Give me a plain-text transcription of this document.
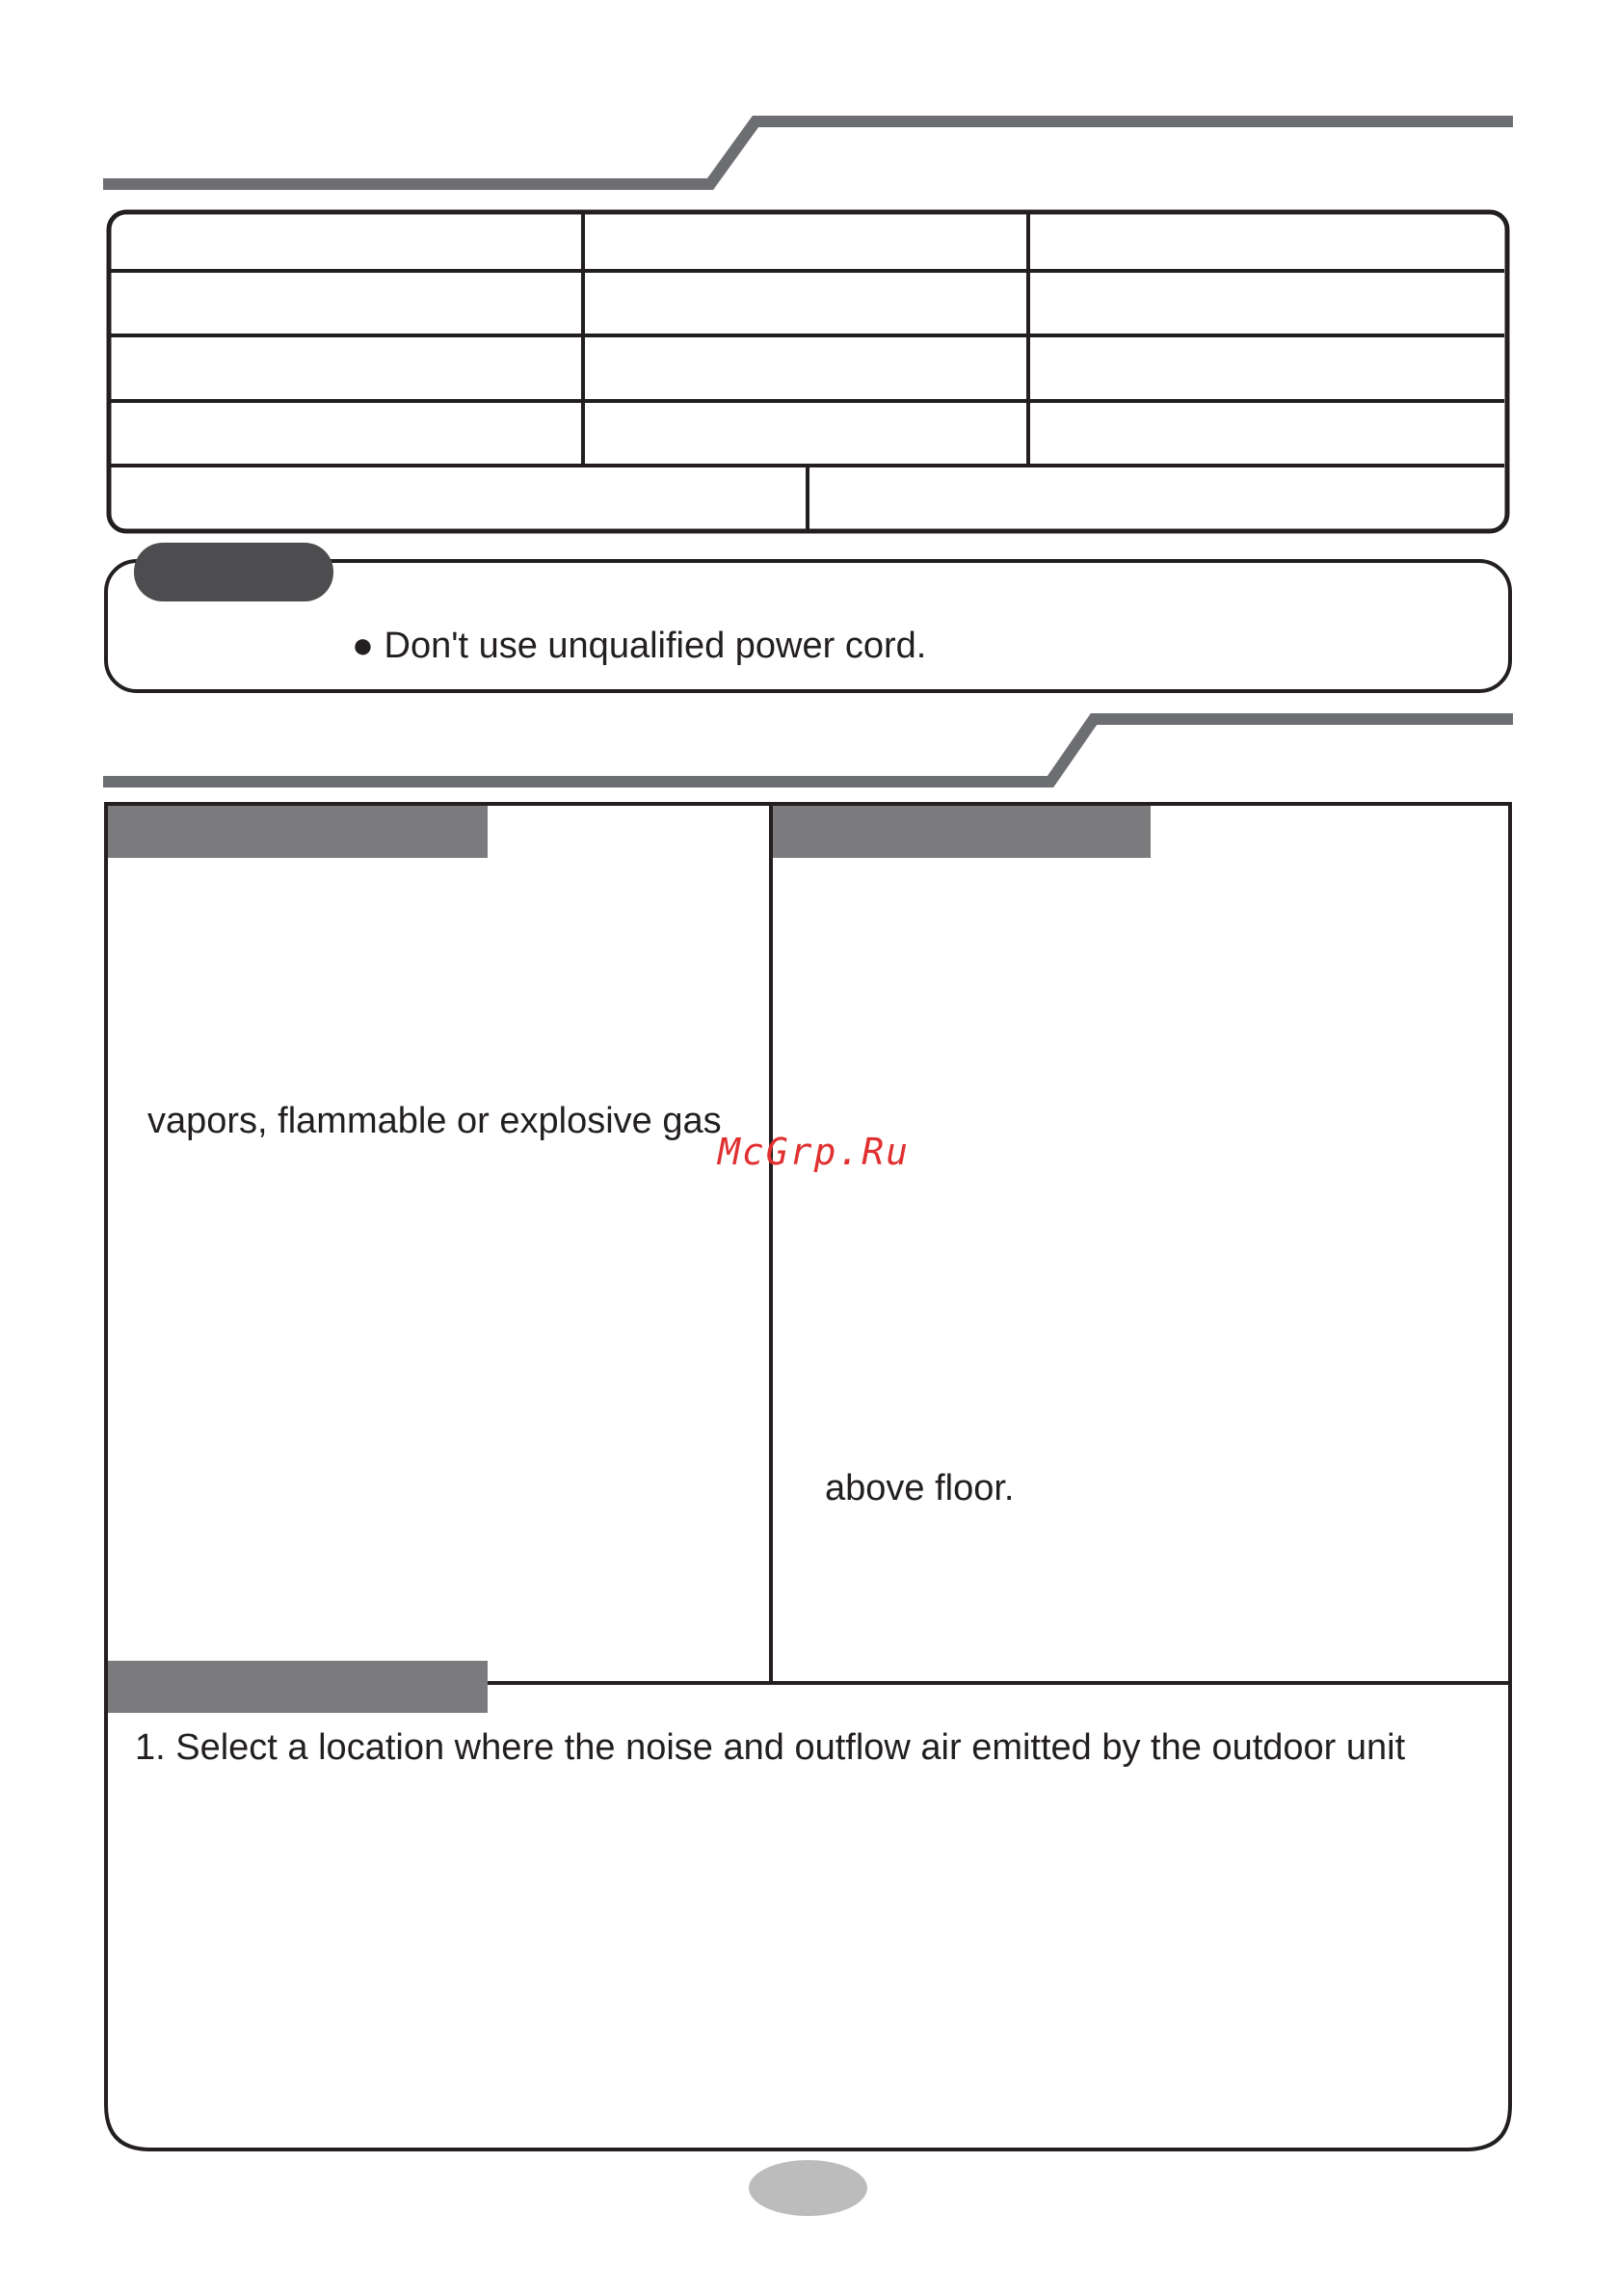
● Don't use unqualified power cord.
vapors, flammable or explosive gas
above floor.
1. Select a location where the noise and outflow air emitted by the outdoor unit
McGrp.Ru
